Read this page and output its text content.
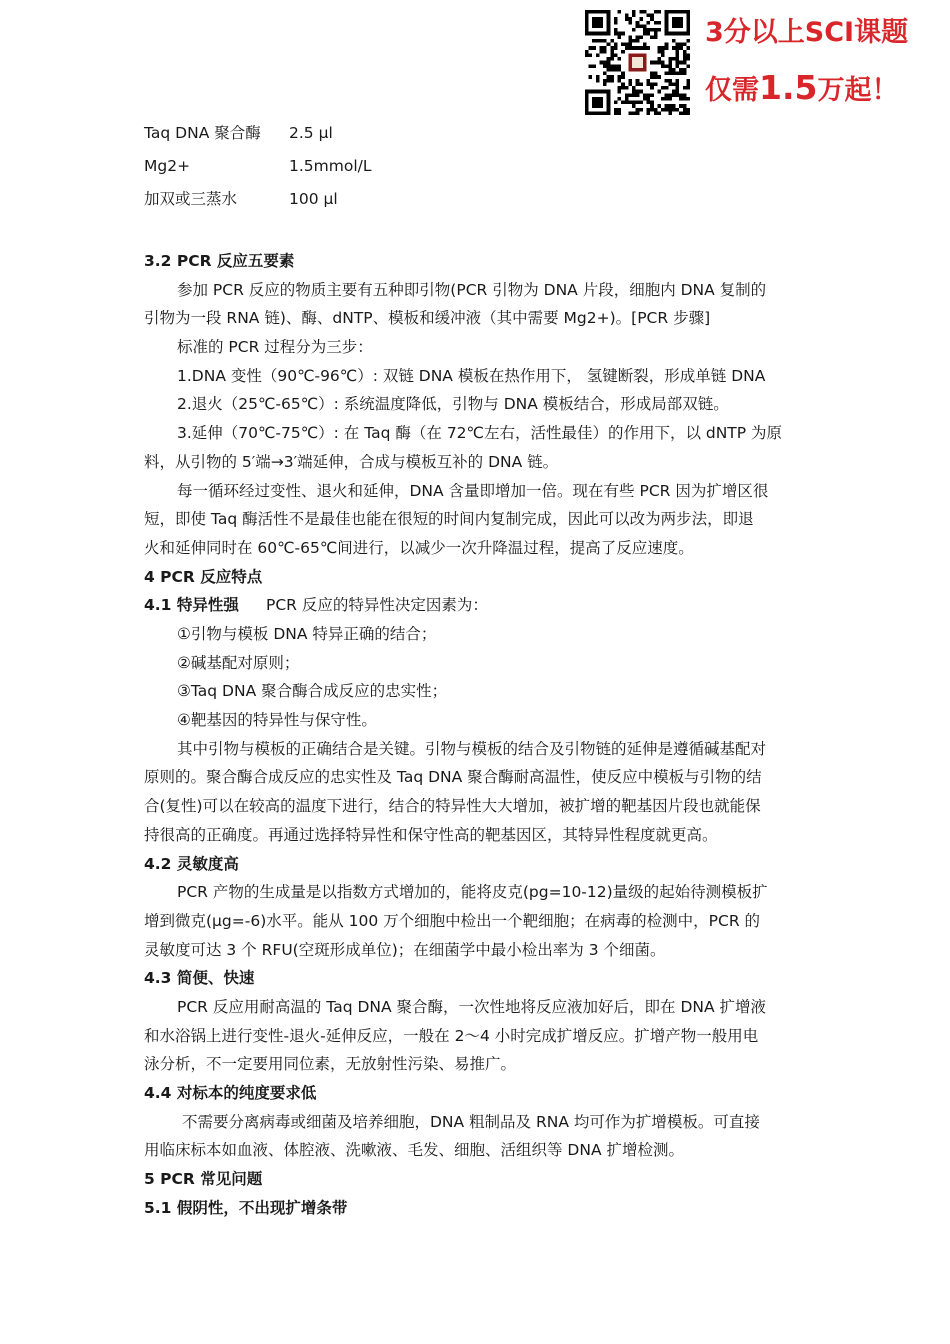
3分以上SCI课题
仅需1.5万起！
Taq DNA 聚合酶 2.5 μl
Mg2+	1.5mmol/L
加双或三蒸水	100 μl
3.2 PCR 反应五要素
参加 PCR 反应的物质主要有五种即引物(PCR 引物为 DNA 片段，细胞内 DNA 复制的
引物为一段 RNA 链)、酶、dNTP、模板和缓冲液（其中需要 Mg2+)。[PCR 步骤]
标准的 PCR 过程分为三步：
1.DNA 变性（90℃-96℃）: 双链 DNA 模板在热作用下， 氢键断裂，形成单链 DNA
2.退火（25℃-65℃）: 系统温度降低，引物与 DNA 模板结合，形成局部双链。
3.延伸（70℃-75℃）: 在 Taq 酶（在 72℃左右，活性最佳）的作用下，以 dNTP 为原
料，从引物的 5′端→3′端延伸，合成与模板互补的 DNA 链。
每一循环经过变性、退火和延伸，DNA 含量即增加一倍。现在有些 PCR 因为扩增区很
短，即使 Taq 酶活性不是最佳也能在很短的时间内复制完成，因此可以改为两步法，即退
火和延伸同时在 60℃-65℃间进行，以减少一次升降温过程，提高了反应速度。
4 PCR 反应特点
4.1 特异性强 PCR 反应的特异性决定因素为：
①引物与模板 DNA 特异正确的结合；
②碱基配对原则；
③Taq DNA 聚合酶合成反应的忠实性；
④靶基因的特异性与保守性。
其中引物与模板的正确结合是关键。引物与模板的结合及引物链的延伸是遵循碱基配对
原则的。聚合酶合成反应的忠实性及 Taq DNA 聚合酶耐高温性，使反应中模板与引物的结
合(复性)可以在较高的温度下进行，结合的特异性大大增加，被扩增的靶基因片段也就能保
持很高的正确度。再通过选择特异性和保守性高的靶基因区，其特异性程度就更高。
4.2 灵敏度高
PCR 产物的生成量是以指数方式增加的，能将皮克(pg=10-12)量级的起始待测模板扩
增到微克(μg=-6)水平。能从 100 万个细胞中检出一个靶细胞；在病毒的检测中，PCR 的
灵敏度可达 3 个 RFU(空斑形成单位)；在细菌学中最小检出率为 3 个细菌。
4.3 简便、快速
PCR 反应用耐高温的 Taq DNA 聚合酶，一次性地将反应液加好后，即在 DNA 扩增液
和水浴锅上进行变性-退火-延伸反应，一般在 2～4 小时完成扩增反应。扩增产物一般用电
泳分析，不一定要用同位素，无放射性污染、易推广。
4.4 对标本的纯度要求低
不需要分离病毒或细菌及培养细胞，DNA 粗制品及 RNA 均可作为扩增模板。可直接
用临床标本如血液、体腔液、洗嗽液、毛发、细胞、活组织等 DNA 扩增检测。
5 PCR 常见问题
5.1 假阴性，不出现扩增条带
